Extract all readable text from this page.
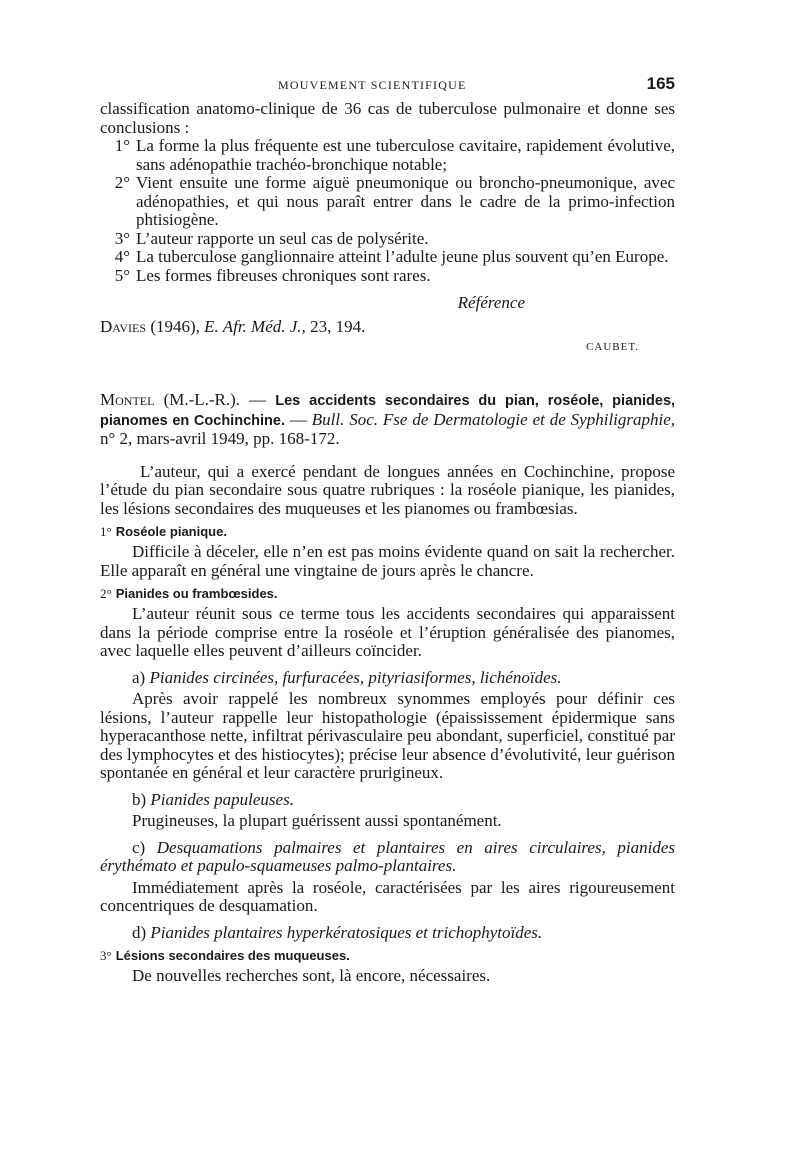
MOUVEMENT SCIENTIFIQUE	165

classification anatomo-clinique de 36 cas de tuberculose pulmonaire et donne ses conclusions :

1° La forme la plus fréquente est une tuberculose cavitaire, rapidement évolutive, sans adénopathie trachéo-bronchique notable;
2° Vient ensuite une forme aiguë pneumonique ou broncho-pneumonique, avec adénopathies, et qui nous paraît entrer dans le cadre de la primo-infection phtisiogène.
3° L’auteur rapporte un seul cas de polysérite.
4° La tuberculose ganglionnaire atteint l’adulte jeune plus souvent qu’en Europe.
5° Les formes fibreuses chroniques sont rares.
Référence
Davies (1946), E. Afr. Méd. J., 23, 194.
CAUBET.
Montel (M.-L.-R.). — Les accidents secondaires du pian, roséole, pianides, pianomes en Cochinchine. — Bull. Soc. Fse de Dermatologie et de Syphiligraphie, n° 2, mars-avril 1949, pp. 168-172.

L’auteur, qui a exercé pendant de longues années en Cochinchine, propose l’étude du pian secondaire sous quatre rubriques : la roséole pianique, les pianides, les lésions secondaires des muqueuses et les pianomes ou frambœsias.

1° Roséole pianique.

Difficile à déceler, elle n’en est pas moins évidente quand on sait la rechercher. Elle apparaît en général une vingtaine de jours après le chancre.

2° Pianides ou frambœsides.

L’auteur réunit sous ce terme tous les accidents secondaires qui apparaissent dans la période comprise entre la roséole et l’éruption généralisée des pianomes, avec laquelle elles peuvent d’ailleurs coïncider.

a) Pianides circinées, furfuracées, pityriasiformes, lichénoïdes.

Après avoir rappelé les nombreux synommes employés pour définir ces lésions, l’auteur rappelle leur histopathologie (épaississement épidermique sans hyperacanthose nette, infiltrat périvasculaire peu abondant, superficiel, constitué par des lymphocytes et des histiocytes); précise leur absence d’évolutivité, leur guérison spontanée en général et leur caractère prurigineux.

b) Pianides papuleuses.

Prugineuses, la plupart guérissent aussi spontanément.

c) Desquamations palmaires et plantaires en aires circulaires, pianides érythémato et papulo-squameuses palmo-plantaires.

Immédiatement après la roséole, caractérisées par les aires rigoureusement concentriques de desquamation.

d) Pianides plantaires hyperkératosiques et trichophytoïdes.

3° Lésions secondaires des muqueuses.

De nouvelles recherches sont, là encore, nécessaires.
